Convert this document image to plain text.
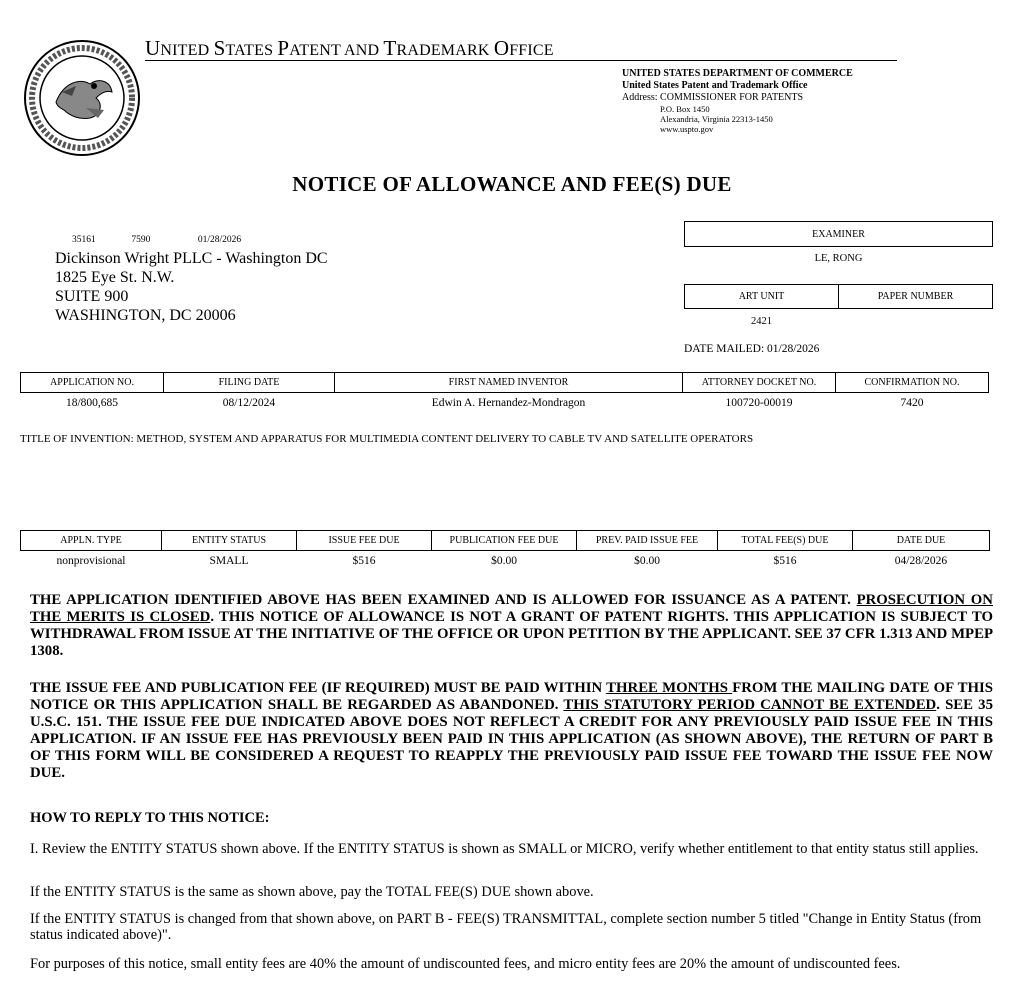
UNITED STATES PATENT AND TRADEMARK OFFICE
UNITED STATES DEPARTMENT OF COMMERCE
United States Patent and Trademark Office
Address: COMMISSIONER FOR PATENTS
P.O. Box 1450
Alexandria, Virginia 22313-1450
www.uspto.gov
NOTICE OF ALLOWANCE AND FEE(S) DUE
35161	7590	01/28/2026
Dickinson Wright PLLC - Washington DC
1825 Eye St. N.W.
SUITE 900
WASHINGTON, DC 20006
EXAMINER
LE, RONG
ART UNIT	PAPER NUMBER
2421
DATE MAILED: 01/28/2026
APPLICATION NO.	FILING DATE	FIRST NAMED INVENTOR	ATTORNEY DOCKET NO.	CONFIRMATION NO.
18/800,685	08/12/2024	Edwin A. Hernandez-Mondragon	100720-00019	7420
TITLE OF INVENTION: METHOD, SYSTEM AND APPARATUS FOR MULTIMEDIA CONTENT DELIVERY TO CABLE TV AND SATELLITE OPERATORS
APPLN. TYPE	ENTITY STATUS	ISSUE FEE DUE	PUBLICATION FEE DUE	PREV. PAID ISSUE FEE	TOTAL FEE(S) DUE	DATE DUE
nonprovisional	SMALL	$516	$0.00	$0.00	$516	04/28/2026
THE APPLICATION IDENTIFIED ABOVE HAS BEEN EXAMINED AND IS ALLOWED FOR ISSUANCE AS A PATENT. PROSECUTION ON THE MERITS IS CLOSED. THIS NOTICE OF ALLOWANCE IS NOT A GRANT OF PATENT RIGHTS. THIS APPLICATION IS SUBJECT TO WITHDRAWAL FROM ISSUE AT THE INITIATIVE OF THE OFFICE OR UPON PETITION BY THE APPLICANT. SEE 37 CFR 1.313 AND MPEP 1308.
THE ISSUE FEE AND PUBLICATION FEE (IF REQUIRED) MUST BE PAID WITHIN THREE MONTHS FROM THE MAILING DATE OF THIS NOTICE OR THIS APPLICATION SHALL BE REGARDED AS ABANDONED. THIS STATUTORY PERIOD CANNOT BE EXTENDED. SEE 35 U.S.C. 151. THE ISSUE FEE DUE INDICATED ABOVE DOES NOT REFLECT A CREDIT FOR ANY PREVIOUSLY PAID ISSUE FEE IN THIS APPLICATION. IF AN ISSUE FEE HAS PREVIOUSLY BEEN PAID IN THIS APPLICATION (AS SHOWN ABOVE), THE RETURN OF PART B OF THIS FORM WILL BE CONSIDERED A REQUEST TO REAPPLY THE PREVIOUSLY PAID ISSUE FEE TOWARD THE ISSUE FEE NOW DUE.
HOW TO REPLY TO THIS NOTICE:
I. Review the ENTITY STATUS shown above. If the ENTITY STATUS is shown as SMALL or MICRO, verify whether entitlement to that entity status still applies.
If the ENTITY STATUS is the same as shown above, pay the TOTAL FEE(S) DUE shown above.
If the ENTITY STATUS is changed from that shown above, on PART B - FEE(S) TRANSMITTAL, complete section number 5 titled "Change in Entity Status (from status indicated above)".
For purposes of this notice, small entity fees are 40% the amount of undiscounted fees, and micro entity fees are 20% the amount of undiscounted fees.
